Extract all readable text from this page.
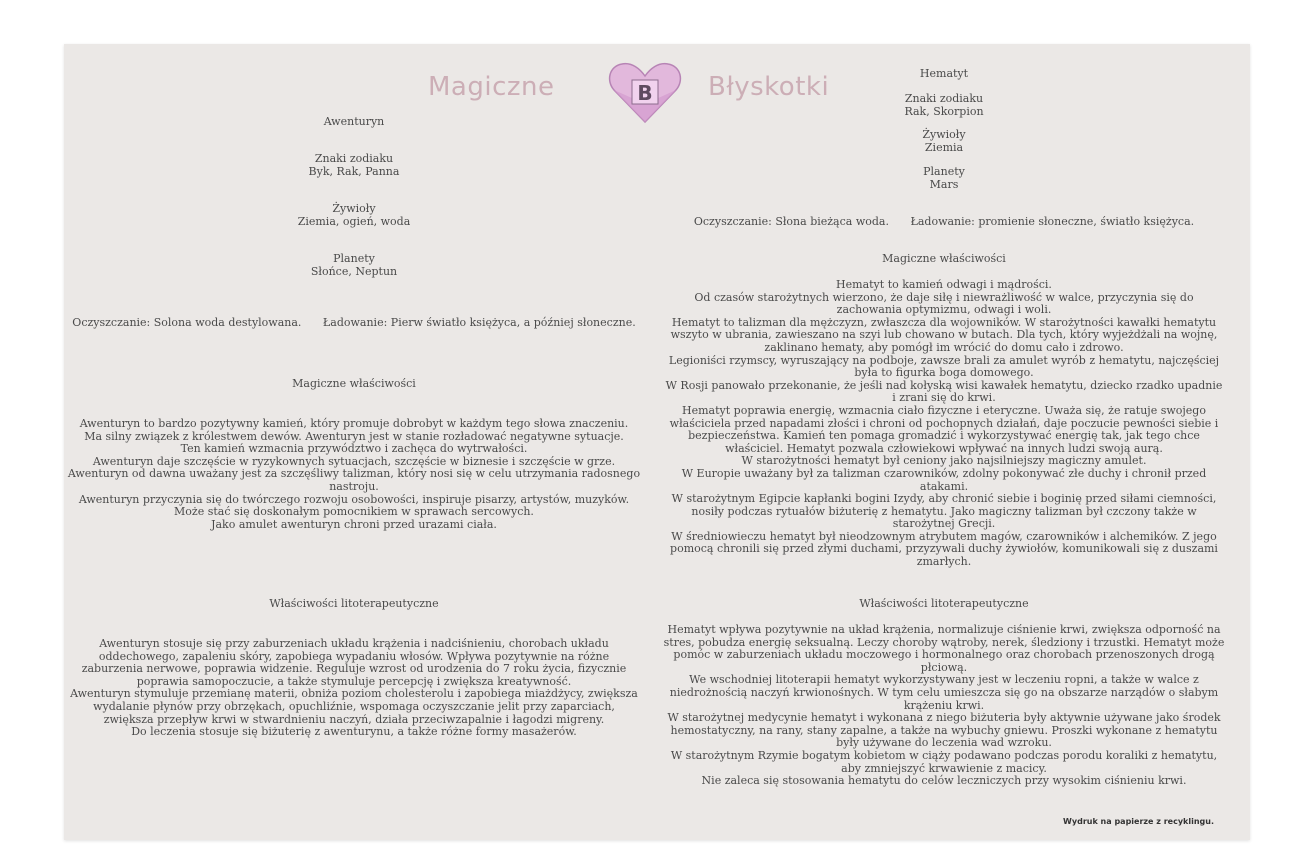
Magiczne	B Błyskotki

Awenturyn

Znaki zodiaku

Byk, Rak, Panna

Żywioły

Ziemia, ogień, woda

Planety

Słońce, Neptun

Oczyszczanie: Solona woda destylowana. Ładowanie: Pierw światło księżyca, a później słoneczne.

Magiczne właściwości

Awenturyn to bardzo pozytywny kamień, który promuje dobrobyt w każdym tego słowa znaczeniu.

Ma silny związek z królestwem dewów. Awenturyn jest w stanie rozładować negatywne sytuacje.

Ten kamień wzmacnia przywództwo i zachęca do wytrwałości.

Awenturyn daje szczęście w ryzykownych sytuacjach, szczęście w biznesie i szczęście w grze.

Awenturyn od dawna uważany jest za szczęśliwy talizman, który nosi się w celu utrzymania radosnego

nastroju.

Awenturyn przyczynia się do twórczego rozwoju osobowości, inspiruje pisarzy, artystów, muzyków.

Może stać się doskonałym pomocnikiem w sprawach sercowych.

Jako amulet awenturyn chroni przed urazami ciała.

Właściwości litoterapeutyczne

Awenturyn stosuje się przy zaburzeniach układu krążenia i nadciśnieniu, chorobach układu

oddechowego, zapaleniu skóry, zapobiega wypadaniu włosów. Wpływa pozytywnie na różne

zaburzenia nerwowe, poprawia widzenie. Reguluje wzrost od urodzenia do 7 roku życia, fizycznie

poprawia samopoczucie, a także stymuluje percepcję i zwiększa kreatywność.

Awenturyn stymuluje przemianę materii, obniża poziom cholesterolu i zapobiega miażdżycy, zwiększa

wydalanie płynów przy obrzękach, opuchliźnie, wspomaga oczyszczanie jelit przy zaparciach,

zwiększa przepływ krwi w stwardnieniu naczyń, działa przeciwzapalnie i łagodzi migreny.

Do leczenia stosuje się biżuterię z awenturynu, a także różne formy masażerów.

Hematyt

Znaki zodiaku

Rak, Skorpion

Żywioły

Ziemia

Planety

Mars

Oczyszczanie: Słona bieżąca woda. Ładowanie: promienie słoneczne, światło księżyca.

Magiczne właściwości

Hematyt to kamień odwagi i mądrości.

Od czasów starożytnych wierzono, że daje siłę i niewrażliwość w walce, przyczynia się do

zachowania optymizmu, odwagi i woli.

Hematyt to talizman dla mężczyzn, zwłaszcza dla wojowników. W starożytności kawałki hematytu

wszyto w ubrania, zawieszano na szyi lub chowano w butach. Dla tych, który wyjeżdżali na wojnę,

zaklinano hematy, aby pomógł im wrócić do domu cało i zdrowo.

Legioniści rzymscy, wyruszający na podboje, zawsze brali za amulet wyrób z hematytu, najczęściej

była to figurka boga domowego.

W Rosji panowało przekonanie, że jeśli nad kołyską wisi kawałek hematytu, dziecko rzadko upadnie

i zrani się do krwi.

Hematyt poprawia energię, wzmacnia ciało fizyczne i eteryczne. Uważa się, że ratuje swojego

właściciela przed napadami złości i chroni od pochopnych działań, daje poczucie pewności siebie i

bezpieczeństwa. Kamień ten pomaga gromadzić i wykorzystywać energię tak, jak tego chce

właściciel. Hematyt pozwala człowiekowi wpływać na innych ludzi swoją aurą.

W starożytności hematyt był ceniony jako najsilniejszy magiczny amulet.

W Europie uważany był za talizman czarowników, zdolny pokonywać złe duchy i chronił przed

atakami.

W starożytnym Egipcie kapłanki bogini Izydy, aby chronić siebie i boginię przed siłami ciemności,

nosiły podczas rytuałów biżuterię z hematytu. Jako magiczny talizman był czczony także w

starożytnej Grecji.

W średniowieczu hematyt był nieodzownym atrybutem magów, czarowników i alchemików. Z jego

pomocą chronili się przed złymi duchami, przyzywali duchy żywiołów, komunikowali się z duszami

zmarłych.

Właściwości litoterapeutyczne

Hematyt wpływa pozytywnie na układ krążenia, normalizuje ciśnienie krwi, zwiększa odporność na

stres, pobudza energię seksualną. Leczy choroby wątroby, nerek, śledziony i trzustki. Hematyt może

pomóc w zaburzeniach układu moczowego i hormonalnego oraz chorobach przenoszonych drogą

płciową.

We wschodniej litoterapii hematyt wykorzystywany jest w leczeniu ropni, a także w walce z

niedrożnością naczyń krwionośnych. W tym celu umieszcza się go na obszarze narządów o słabym

krążeniu krwi.

W starożytnej medycynie hematyt i wykonana z niego biżuteria były aktywnie używane jako środek

hemostatyczny, na rany, stany zapalne, a także na wybuchy gniewu. Proszki wykonane z hematytu

były używane do leczenia wad wzroku.

W starożytnym Rzymie bogatym kobietom w ciąży podawano podczas porodu koraliki z hematytu,

aby zmniejszyć krwawienie z macicy.

Nie zaleca się stosowania hematytu do celów leczniczych przy wysokim ciśnieniu krwi.

Wydruk na papierze z recyklingu.
